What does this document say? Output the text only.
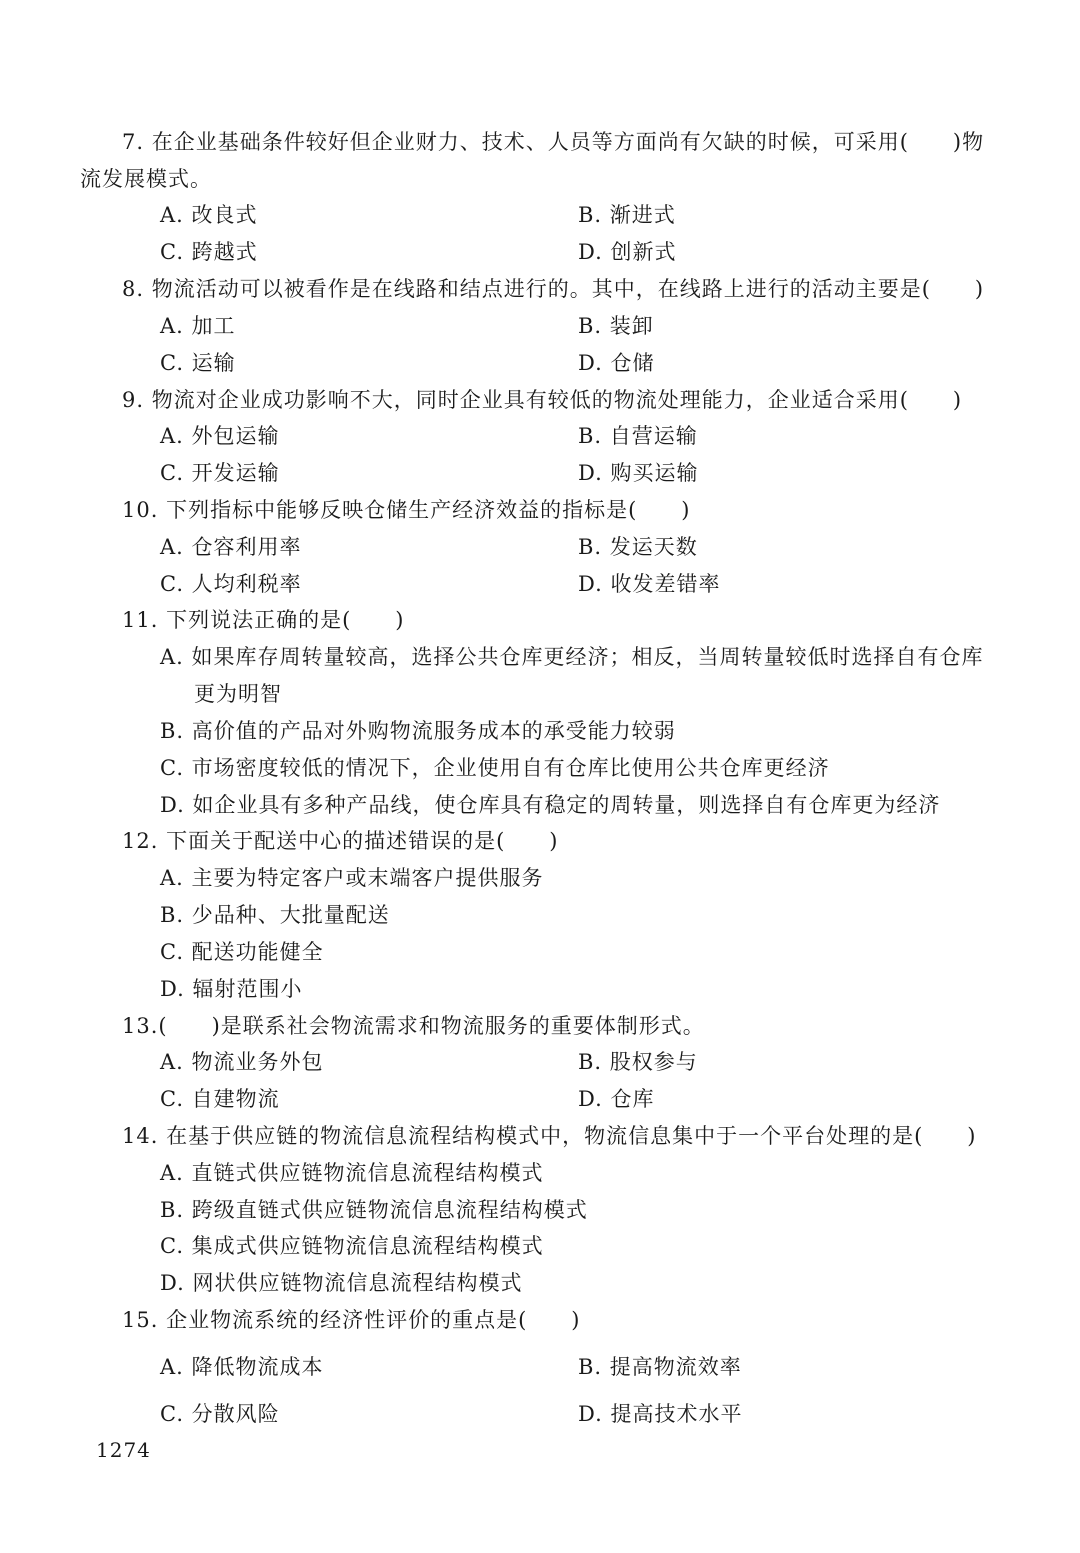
7. 在企业基础条件较好但企业财力、技术、人员等方面尚有欠缺的时候，可采用(　　)物
流发展模式。
A. 改良式	B. 渐进式
C. 跨越式	D. 创新式
8. 物流活动可以被看作是在线路和结点进行的。其中，在线路上进行的活动主要是(　　)
A. 加工	B. 装卸
C. 运输	D. 仓储
9. 物流对企业成功影响不大，同时企业具有较低的物流处理能力，企业适合采用(　　)
A. 外包运输	B. 自营运输
C. 开发运输	D. 购买运输
10. 下列指标中能够反映仓储生产经济效益的指标是(　　)
A. 仓容利用率	B. 发运天数
C. 人均利税率	D. 收发差错率
11. 下列说法正确的是(　　)
A. 如果库存周转量较高，选择公共仓库更经济；相反，当周转量较低时选择自有仓库
更为明智
B. 高价值的产品对外购物流服务成本的承受能力较弱
C. 市场密度较低的情况下，企业使用自有仓库比使用公共仓库更经济
D. 如企业具有多种产品线，使仓库具有稳定的周转量，则选择自有仓库更为经济
12. 下面关于配送中心的描述错误的是(　　)
A. 主要为特定客户或末端客户提供服务
B. 少品种、大批量配送
C. 配送功能健全
D. 辐射范围小
13.(　　)是联系社会物流需求和物流服务的重要体制形式。
A. 物流业务外包	B. 股权参与
C. 自建物流	D. 仓库
14. 在基于供应链的物流信息流程结构模式中，物流信息集中于一个平台处理的是(　　)
A. 直链式供应链物流信息流程结构模式
B. 跨级直链式供应链物流信息流程结构模式
C. 集成式供应链物流信息流程结构模式
D. 网状供应链物流信息流程结构模式
15. 企业物流系统的经济性评价的重点是(　　)
A. 降低物流成本	B. 提高物流效率
C. 分散风险	D. 提高技术水平
1274
